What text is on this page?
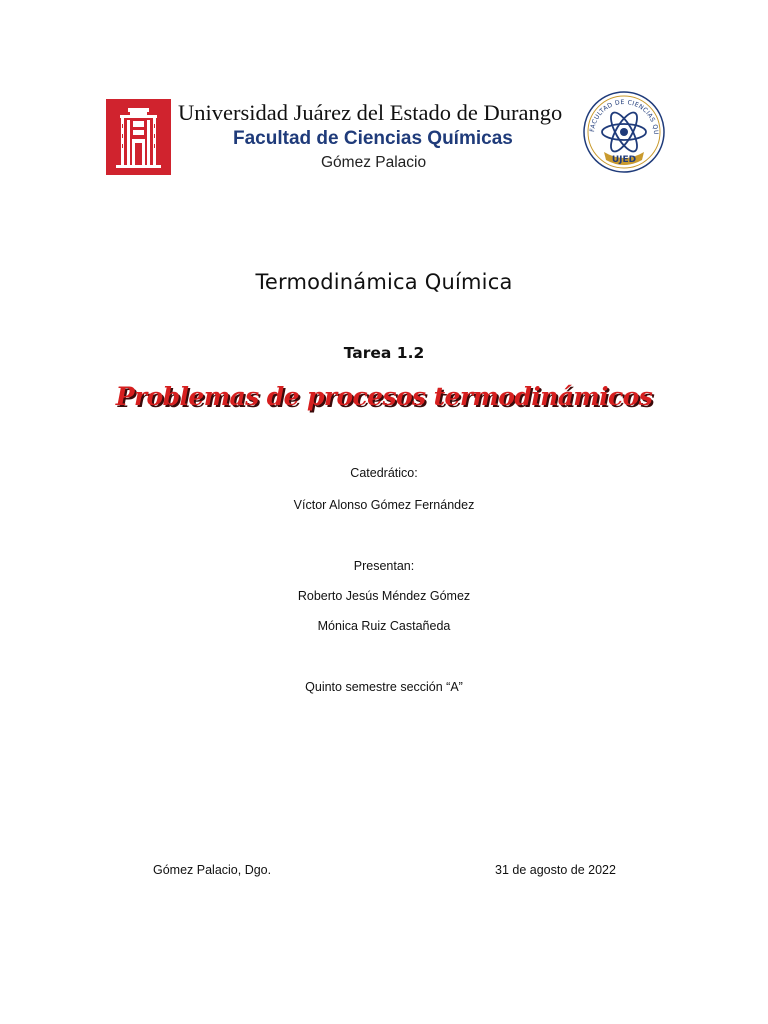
Universidad Juárez del Estado de Durango
Facultad de Ciencias Químicas
Gómez Palacio
FACULTAD DE CIENCIAS QU
UJED
Termodinámica Química
Tarea 1.2
Problemas de procesos termodinámicos
Catedrático:
Víctor Alonso Gómez Fernández
Presentan:
Roberto Jesús Méndez Gómez
Mónica Ruiz Castañeda
Quinto semestre sección “A”
Gómez Palacio, Dgo.	31 de agosto de 2022
